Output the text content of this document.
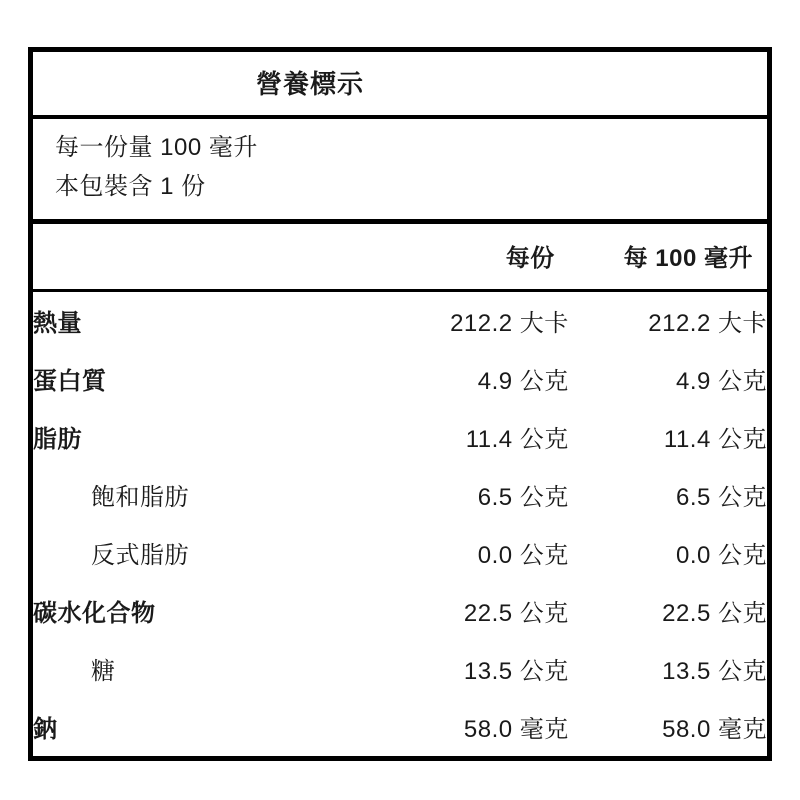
營養標示
每一份量 100 毫升
本包裝含 1 份
	每份	每 100 毫升
熱量	212.2 大卡	212.2 大卡
蛋白質	4.9 公克	4.9 公克
脂肪	11.4 公克	11.4 公克
飽和脂肪	6.5 公克	6.5 公克
反式脂肪	0.0 公克	0.0 公克
碳水化合物	22.5 公克	22.5 公克
糖	13.5 公克	13.5 公克
鈉	58.0 毫克	58.0 毫克
